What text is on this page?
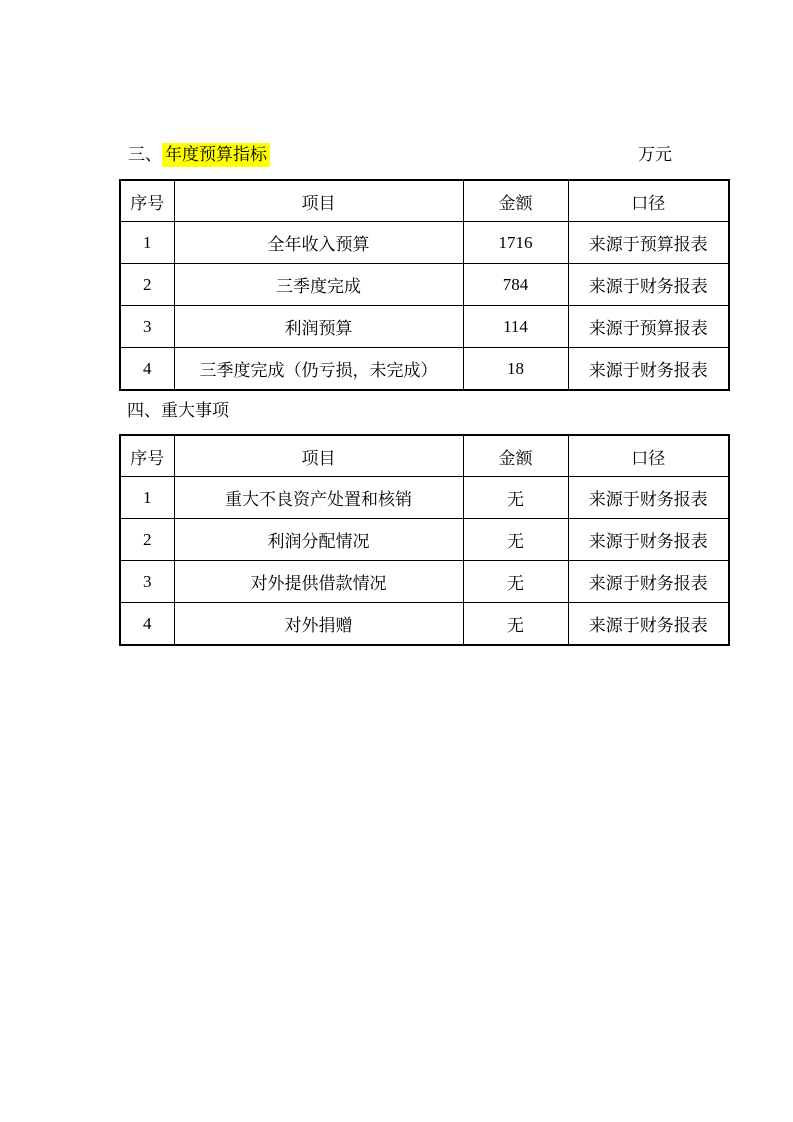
三、 年度预算指标	万元
序号	项目	金额	口径
1	全年收入预算	1716	来源于预算报表
2	三季度完成	784	来源于财务报表
3	利润预算	114	来源于预算报表
4	三季度完成（仍亏损，未完成）	18	来源于财务报表
四、重大事项
序号	项目	金额	口径
1	重大不良资产处置和核销	无	来源于财务报表
2	利润分配情况	无	来源于财务报表
3	对外提供借款情况	无	来源于财务报表
4	对外捐赠	无	来源于财务报表
